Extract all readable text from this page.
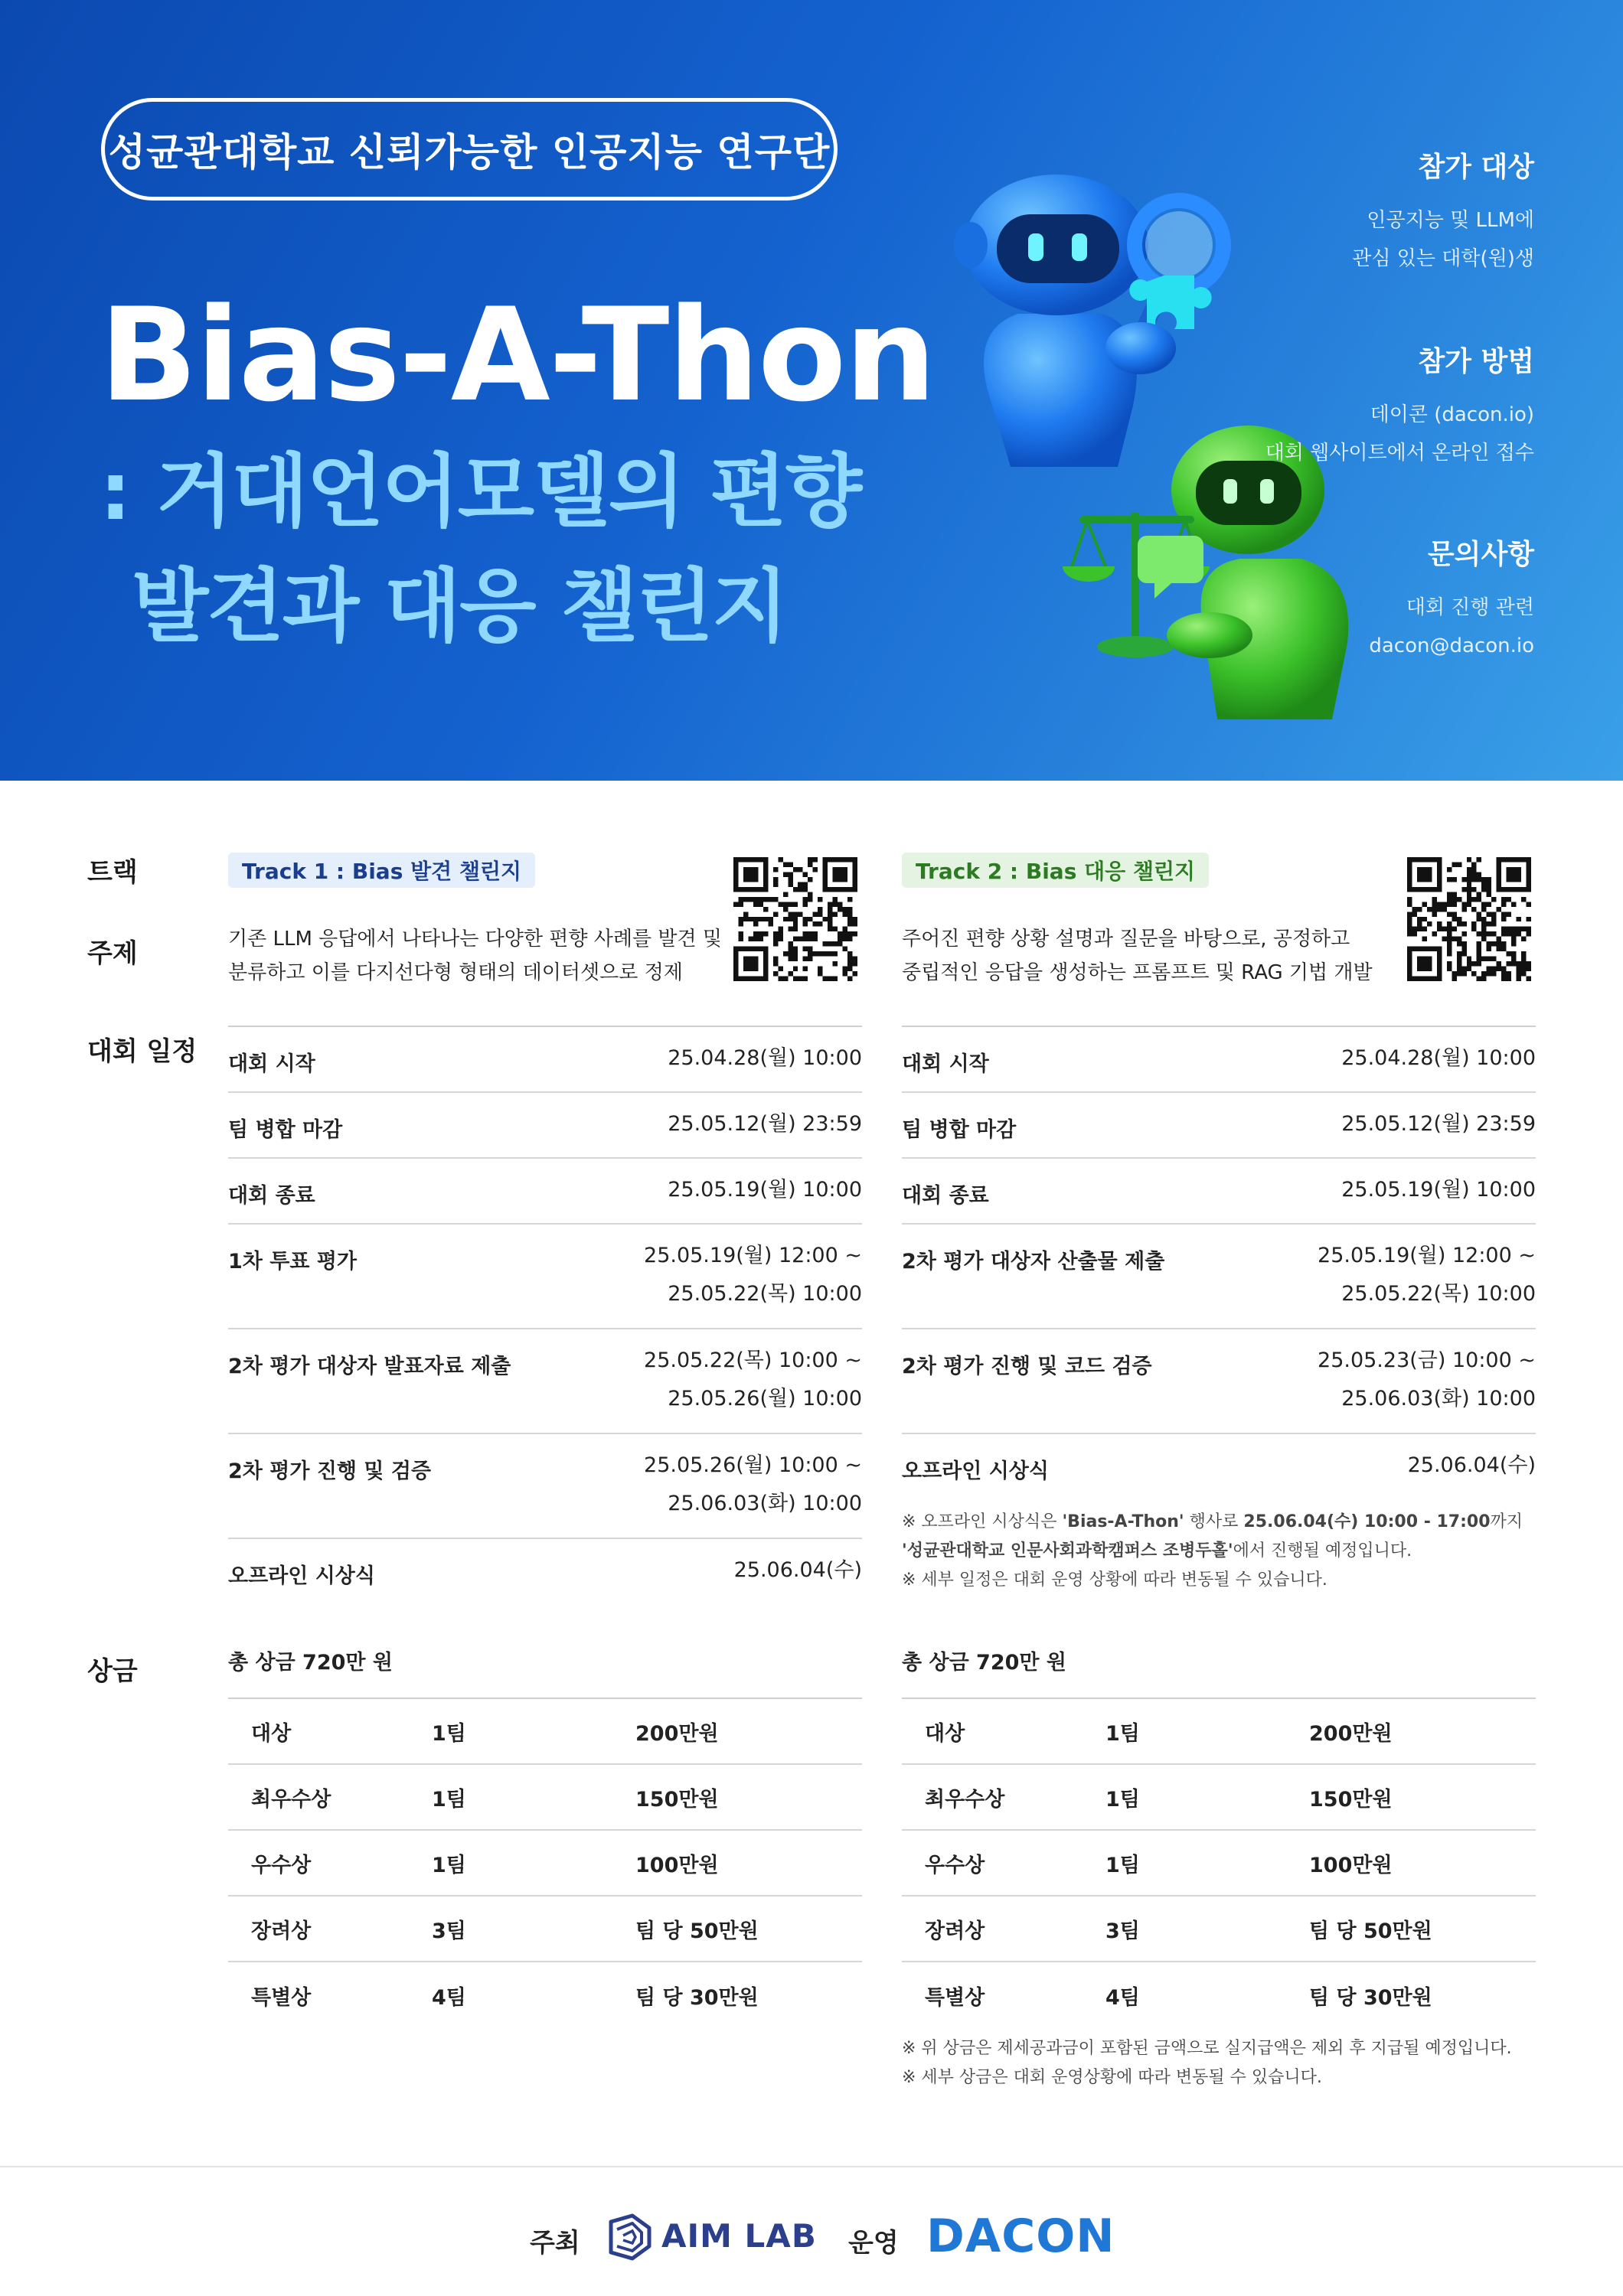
성균관대학교 신뢰가능한 인공지능 연구단
Bias-A-Thon
: 거대언어모델의 편향
발견과 대응 챌린지
참가 대상

인공지능 및 LLM에

관심 있는 대학(원)생

참가 방법

데이콘 (dacon.io)

대회 웹사이트에서 온라인 접수

문의사항

대회 진행 관련

dacon@dacon.io

트랙
주제
대회 일정
상금
Track 1 : Bias 발견 챌린지	Track 2 : Bias 대응 챌린지
기존 LLM 응답에서 나타나는 다양한 편향 사례를 발견 및
분류하고 이를 다지선다형 형태의 데이터셋으로 정제
주어진 편향 상황 설명과 질문을 바탕으로, 공정하고
중립적인 응답을 생성하는 프롬프트 및 RAG 기법 개발
대회 시작	25.04.28(월) 10:00
팀 병합 마감	25.05.12(월) 23:59
대회 종료	25.05.19(월) 10:00
1차 투표 평가	25.05.19(월) 12:00 ~
25.05.22(목) 10:00
2차 평가 대상자 발표자료 제출	25.05.22(목) 10:00 ~
25.05.26(월) 10:00
2차 평가 진행 및 검증	25.05.26(월) 10:00 ~
25.06.03(화) 10:00
오프라인 시상식	25.06.04(수)
대회 시작	25.04.28(월) 10:00
팀 병합 마감	25.05.12(월) 23:59
대회 종료	25.05.19(월) 10:00
2차 평가 대상자 산출물 제출	25.05.19(월) 12:00 ~
25.05.22(목) 10:00
2차 평가 진행 및 코드 검증	25.05.23(금) 10:00 ~
25.06.03(화) 10:00
오프라인 시상식	25.06.04(수)
※ 오프라인 시상식은 'Bias-A-Thon' 행사로 25.06.04(수) 10:00 - 17:00까지
'성균관대학교 인문사회과학캠퍼스 조병두홀'에서 진행될 예정입니다.
※ 세부 일정은 대회 운영 상황에 따라 변동될 수 있습니다.
총 상금 720만 원	총 상금 720만 원
대상	1팀	200만원
최우수상	1팀	150만원
우수상	1팀	100만원
장려상	3팀	팀 당 50만원
특별상	4팀	팀 당 30만원
대상	1팀	200만원
최우수상	1팀	150만원
우수상	1팀	100만원
장려상	3팀	팀 당 50만원
특별상	4팀	팀 당 30만원
※ 위 상금은 제세공과금이 포함된 금액으로 실지급액은 제외 후 지급될 예정입니다.
※ 세부 상금은 대회 운영상황에 따라 변동될 수 있습니다.
주최	AIM LAB 운영 DACON
